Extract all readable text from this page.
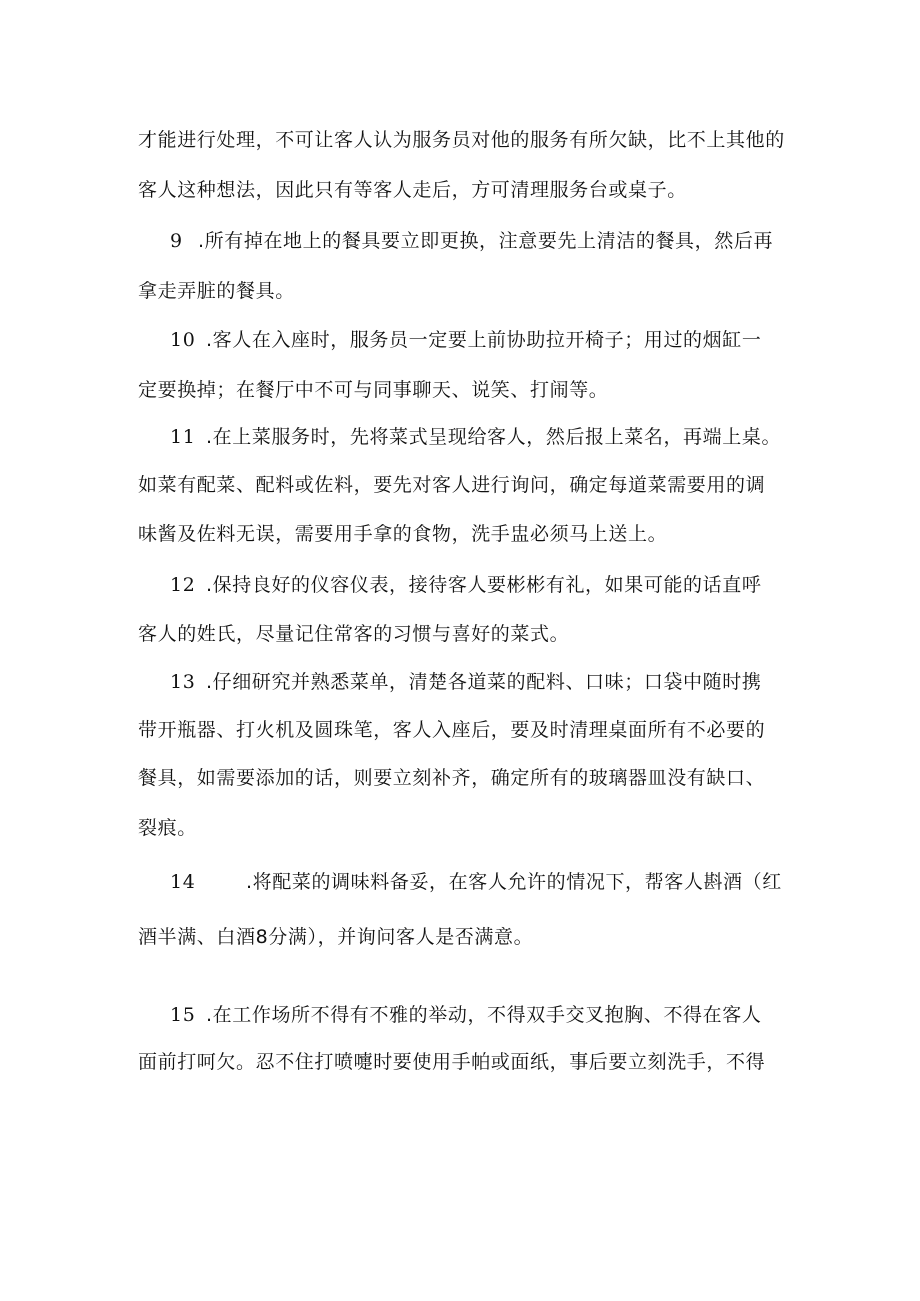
才能进行处理，不可让客人认为服务员对他的服务有所欠缺，比不上其他的
客人这种想法，因此只有等客人走后，方可清理服务台或桌子。
9 .所有掉在地上的餐具要立即更换，注意要先上清洁的餐具，然后再
拿走弄脏的餐具。
10 .客人在入座时，服务员一定要上前协助拉开椅子；用过的烟缸一
定要换掉；在餐厅中不可与同事聊天、说笑、打闹等。
11 .在上菜服务时，先将菜式呈现给客人，然后报上菜名，再端上桌。
如菜有配菜、配料或佐料，要先对客人进行询问，确定每道菜需要用的调
味酱及佐料无误，需要用手拿的食物，洗手盅必须马上送上。
12 .保持良好的仪容仪表，接待客人要彬彬有礼，如果可能的话直呼
客人的姓氏，尽量记住常客的习惯与喜好的菜式。
13 .仔细研究并熟悉菜单，清楚各道菜的配料、口味；口袋中随时携
带开瓶器、打火机及圆珠笔，客人入座后，要及时清理桌面所有不必要的
餐具，如需要添加的话，则要立刻补齐，确定所有的玻璃器皿没有缺口、
裂痕。
14	.将配菜的调味料备妥，在客人允许的情况下，帮客人斟酒（红
酒半满、白酒8分满），并询问客人是否满意。
15 .在工作场所不得有不雅的举动，不得双手交叉抱胸、不得在客人
面前打呵欠。忍不住打喷嚏时要使用手帕或面纸，事后要立刻洗手，不得
